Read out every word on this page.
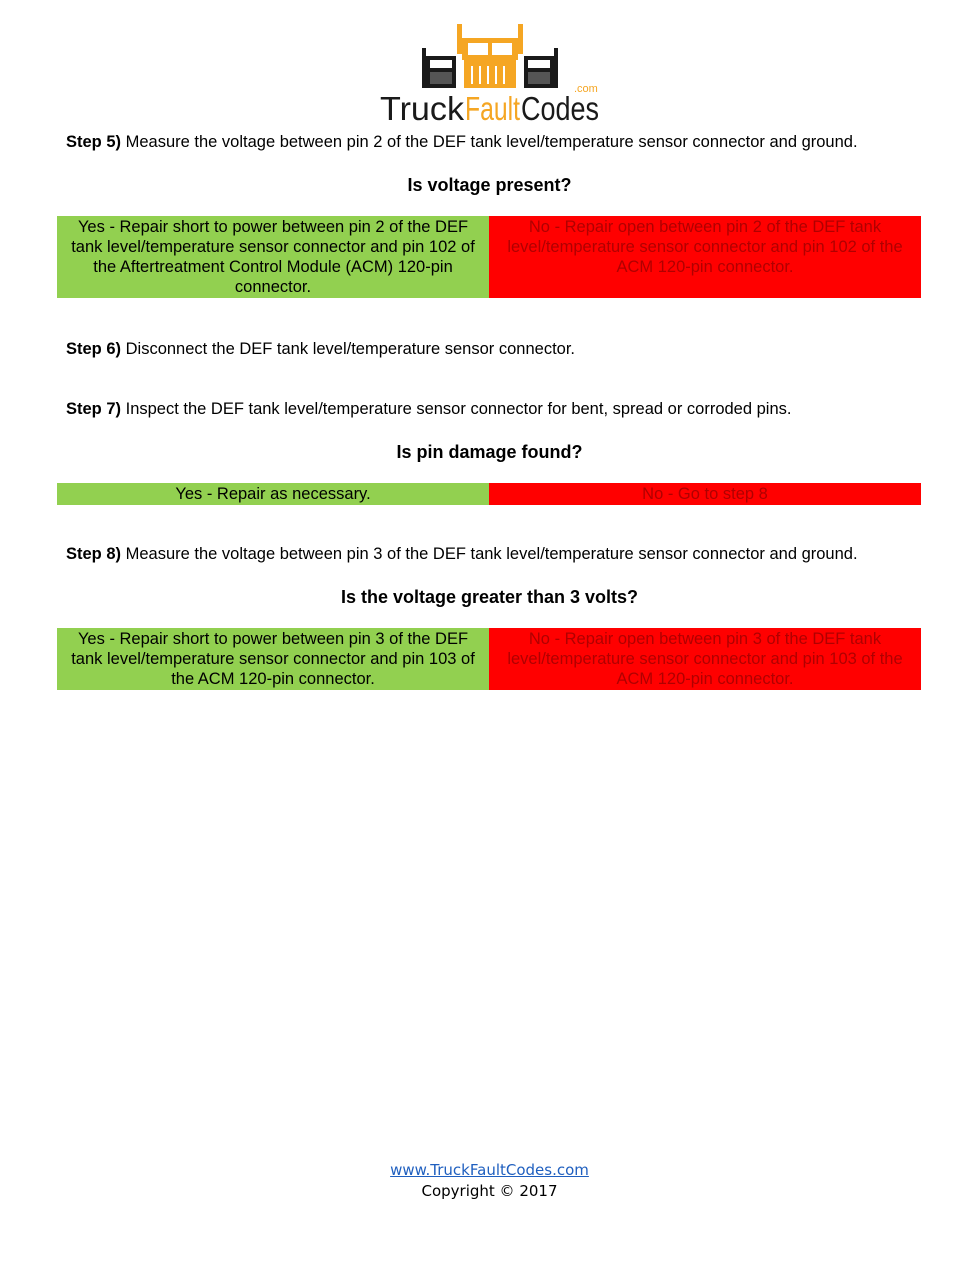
Truck Fault Codes
.com
Step 5) Measure the voltage between pin 2 of the DEF tank level/temperature sensor connector and ground.
Is voltage present?
Yes - Repair short to power between pin 2 of the DEF tank level/temperature sensor connector and pin 102 of the Aftertreatment Control Module (ACM) 120-pin connector.
No - Repair open between pin 2 of the DEF tank level/temperature sensor connector and pin 102 of the ACM 120-pin connector.
Step 6) Disconnect the DEF tank level/temperature sensor connector.
Step 7) Inspect the DEF tank level/temperature sensor connector for bent, spread or corroded pins.
Is pin damage found?
Yes - Repair as necessary.	No - Go to step 8
Step 8) Measure the voltage between pin 3 of the DEF tank level/temperature sensor connector and ground.
Is the voltage greater than 3 volts?
Yes - Repair short to power between pin 3 of the DEF tank level/temperature sensor connector and pin 103 of the ACM 120-pin connector.
No - Repair open between pin 3 of the DEF tank level/temperature sensor connector and pin 103 of the ACM 120-pin connector.
www.TruckFaultCodes.com
Copyright © 2017
